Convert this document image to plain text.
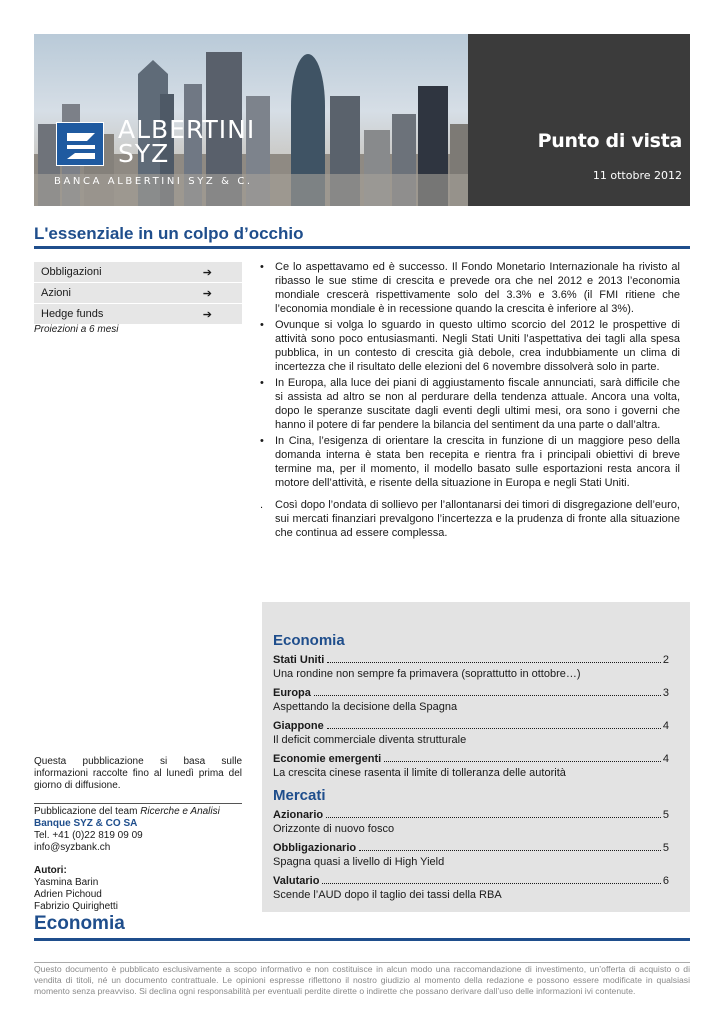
ALBERTINI
SYZ
BANCA ALBERTINI SYZ & C.
Punto di vista
11 ottobre 2012
L'essenziale in un colpo d’occhio
Obbligazioni	➔
Azioni	➔
Hedge funds	➔
Proiezioni a 6 mesi
• Ce lo aspettavamo ed è successo. Il Fondo Monetario Internazionale ha rivisto al ribasso le sue stime di crescita e prevede ora che nel 2012 e 2013 l’economia mondiale crescerà rispettivamente solo del 3.3% e 3.6% (il FMI ritiene che l’economia mondiale è in recessione quando la crescita è inferiore al 3%).
• Ovunque si volga lo sguardo in questo ultimo scorcio del 2012 le prospettive di attività sono poco entusiasmanti. Negli Stati Uniti l’aspettativa dei tagli alla spesa pubblica, in un contesto di crescita già debole, crea indubbiamente un clima di incertezza che il risultato delle elezioni del 6 novembre dissolverà solo in parte.
• In Europa, alla luce dei piani di aggiustamento fiscale annunciati, sarà difficile che si assista ad altro se non al perdurare della tendenza attuale. Ancora una volta, dopo le speranze suscitate dagli eventi degli ultimi mesi, ora sono i governi che hanno il potere di far pendere la bilancia del sentiment da una parte o dall’altra.
• In Cina, l’esigenza di orientare la crescita in funzione di un maggiore peso della domanda interna è stata ben recepita e rientra fra i principali obiettivi di breve termine ma, per il momento, il modello basato sulle esportazioni resta ancora il motore dell’attività, e risente della situazione in Europa e negli Stati Uniti.
. Così dopo l’ondata di sollievo per l’allontanarsi dei timori di disgregazione dell’euro, sui mercati finanziari prevalgono l’incertezza e la prudenza di fronte alla situazione che continua ad essere complessa.
Economia
Stati Uniti	2
Una rondine non sempre fa primavera (soprattutto in ottobre…)
Europa	3
Aspettando la decisione della Spagna
Giappone	4
Il deficit commerciale diventa strutturale
Economie emergenti	4
La crescita cinese rasenta il limite di tolleranza delle autorità
Mercati
Azionario	5
Orizzonte di nuovo fosco
Obbligazionario	5
Spagna quasi a livello di High Yield
Valutario	6
Scende l’AUD dopo il taglio dei tassi della RBA
Questa pubblicazione si basa sulle informazioni raccolte fino al lunedì prima del giorno di diffusione.
Pubblicazione del team Ricerche e Analisi
Banque SYZ & CO SA
Tel. +41 (0)22 819 09 09
info@syzbank.ch
Autori:
Yasmina Barin
Adrien Pichoud
Fabrizio Quirighetti
Economia
Questo documento è pubblicato esclusivamente a scopo informativo e non costituisce in alcun modo una raccomandazione di investimento, un’offerta di acquisto o di vendita di titoli, né un documento contrattuale. Le opinioni espresse riflettono il nostro giudizio al momento della redazione e possono essere modificate in qualsiasi momento senza preavviso. Si declina ogni responsabilità per eventuali perdite dirette o indirette che possano derivare dall’uso delle informazioni ivi contenute.
